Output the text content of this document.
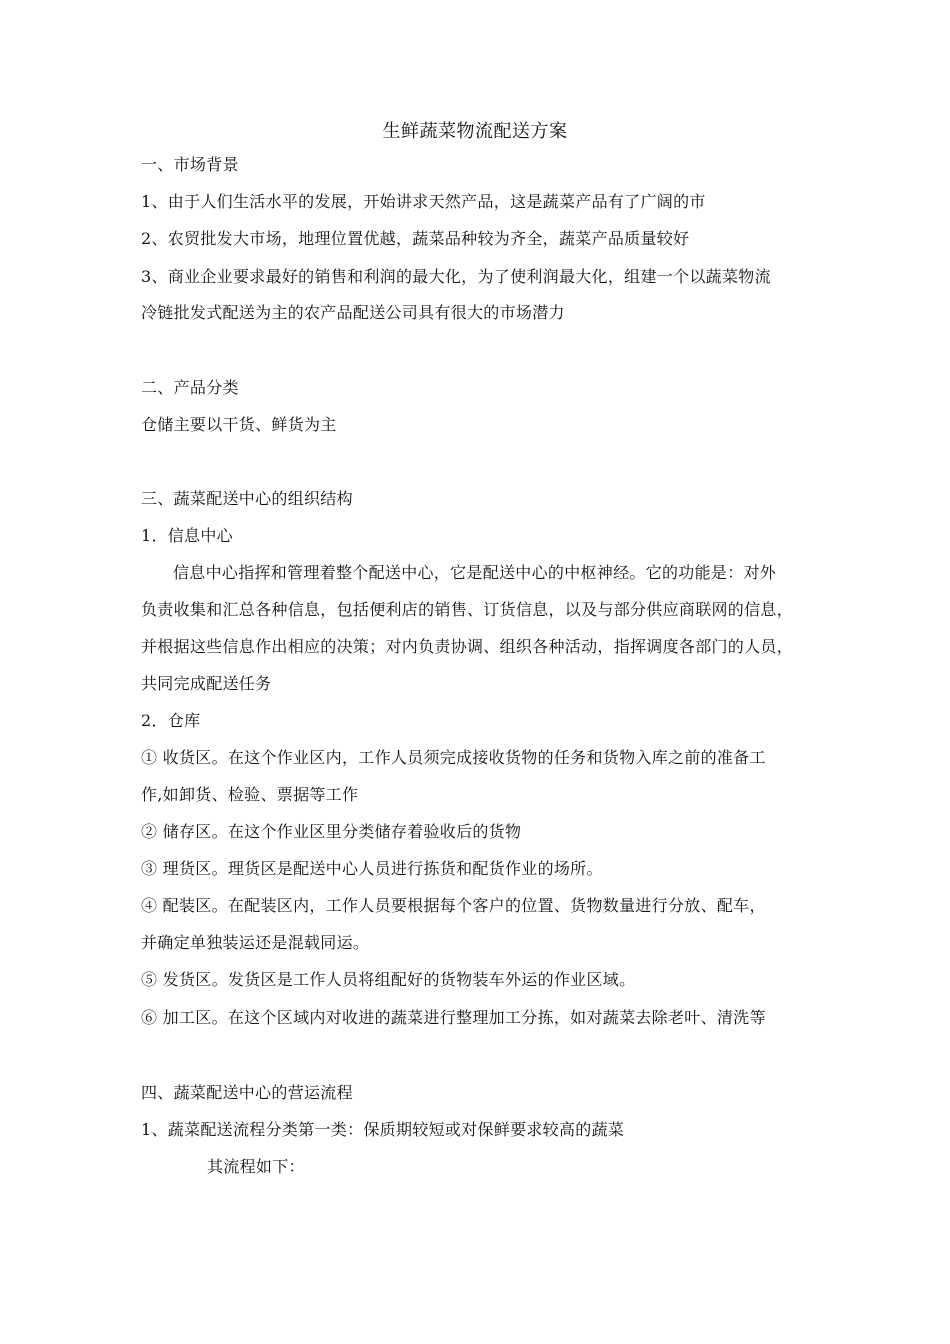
生鲜蔬菜物流配送方案
一、市场背景
1、由于人们生活水平的发展，开始讲求天然产品，这是蔬菜产品有了广阔的市
2、农贸批发大市场，地理位置优越，蔬菜品种较为齐全，蔬菜产品质量较好
3、商业企业要求最好的销售和利润的最大化，为了使利润最大化，组建一个以蔬菜物流
冷链批发式配送为主的农产品配送公司具有很大的市场潜力
二、产品分类
仓储主要以干货、鲜货为主
三、蔬菜配送中心的组织结构
1．信息中心
信息中心指挥和管理着整个配送中心，它是配送中心的中枢神经。它的功能是：对外
负责收集和汇总各种信息，包括便利店的销售、订货信息，以及与部分供应商联网的信息，
并根据这些信息作出相应的决策；对内负责协调、组织各种活动，指挥调度各部门的人员，
共同完成配送任务
2．仓库
① 收货区。在这个作业区内，工作人员须完成接收货物的任务和货物入库之前的准备工
作,如卸货、检验、票据等工作
② 储存区。在这个作业区里分类储存着验收后的货物
③ 理货区。理货区是配送中心人员进行拣货和配货作业的场所。
④ 配装区。在配装区内，工作人员要根据每个客户的位置、货物数量进行分放、配车，
并确定单独装运还是混载同运。
⑤ 发货区。发货区是工作人员将组配好的货物装车外运的作业区域。
⑥ 加工区。在这个区域内对收进的蔬菜进行整理加工分拣，如对蔬菜去除老叶、清洗等
四、蔬菜配送中心的营运流程
1、蔬菜配送流程分类第一类：保质期较短或对保鲜要求较高的蔬菜
其流程如下：
